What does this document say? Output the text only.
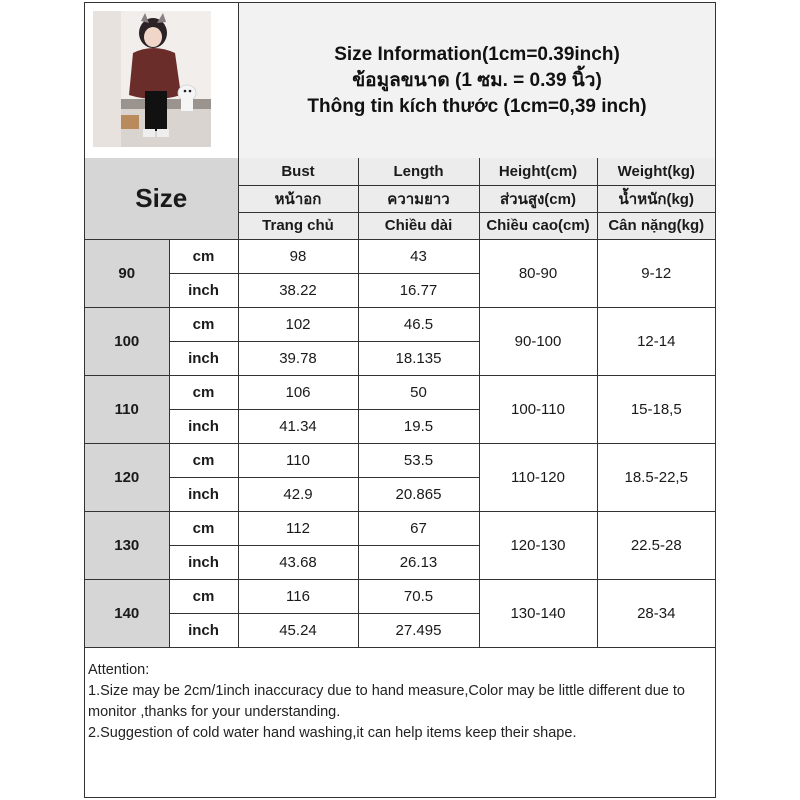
Size Information(1cm=0.39inch)
ข้อมูลขนาด (1 ซม. = 0.39 นิ้ว)
Thông tin kích thước (1cm=0,39 inch)
Size		Bust	Length	Height(cm)	Weight(kg)
		หน้าอก	ความยาว	ส่วนสูง(cm)	น้ำหนัก(kg)
		Trang chủ	Chiều dài	Chiều cao(cm)	Cân nặng(kg)
90	cm	98	43	80-90	9-12
	inch	38.22	16.77		
100	cm	102	46.5	90-100	12-14
	inch	39.78	18.135		
110	cm	106	50	100-110	15-18,5
	inch	41.34	19.5		
120	cm	110	53.5	110-120	18.5-22,5
	inch	42.9	20.865		
130	cm	112	67	120-130	22.5-28
	inch	43.68	26.13		
140	cm	116	70.5	130-140	28-34
	inch	45.24	27.495		
Attention:
1.Size may be 2cm/1inch inaccuracy due to hand measure,Color may be little different due to monitor ,thanks for your understanding.
2.Suggestion of cold water hand washing,it can help items keep their shape.
